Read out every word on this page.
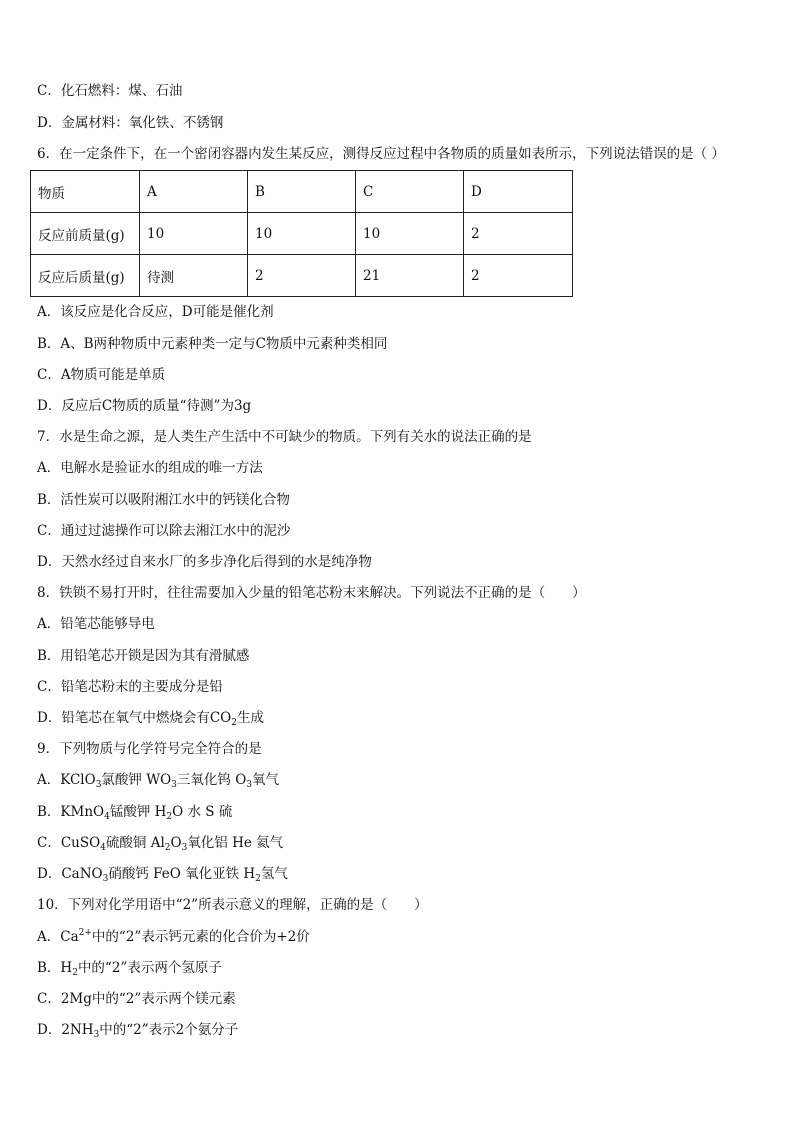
C．化石燃料：煤、石油
D．金属材料：氧化铁、不锈钢
6．在一定条件下，在一个密闭容器内发生某反应，测得反应过程中各物质的质量如表所示，下列说法错误的是（ ）
物质	A	B	C	D
反应前质量(g)	10	10	10	2
反应后质量(g)	待测	2	21	2
A．该反应是化合反应，D可能是催化剂
B．A、B两种物质中元素种类一定与C物质中元素种类相同
C．A物质可能是单质
D．反应后C物质的质量“待测”为3g
7．水是生命之源，是人类生产生活中不可缺少的物质。下列有关水的说法正确的是
A．电解水是验证水的组成的唯一方法
B．活性炭可以吸附湘江水中的钙镁化合物
C．通过过滤操作可以除去湘江水中的泥沙
D．天然水经过自来水厂的多步净化后得到的水是纯净物
8．铁锁不易打开时，往往需要加入少量的铅笔芯粉末来解决。下列说法不正确的是（　　）
A．铅笔芯能够导电
B．用铅笔芯开锁是因为其有滑腻感
C．铅笔芯粉末的主要成分是铅
D．铅笔芯在氧气中燃烧会有$CO_2$生成
9．下列物质与化学符号完全符合的是
A．KClO$_3$氯酸钾 $WO_3$三氧化钨 $O_3$氧气
B．KMnO$_4$锰酸钾 $H_2O$ 水 S 硫
C．CuSO$_4$硫酸铜 $Al_2O_3$氧化铝 He 氦气
D．CaNO$_3$硝酸钙 FeO 氧化亚铁 $H_2$氢气
10．下列对化学用语中“2”所表示意义的理解，正确的是（　　）
A．$Ca^{2+}$中的“2”表示钙元素的化合价为+2价
B．$H_2$中的“2”表示两个氢原子
C．2Mg中的“2”表示两个镁元素
D．$2NH_3$中的“2”表示2个氨分子
